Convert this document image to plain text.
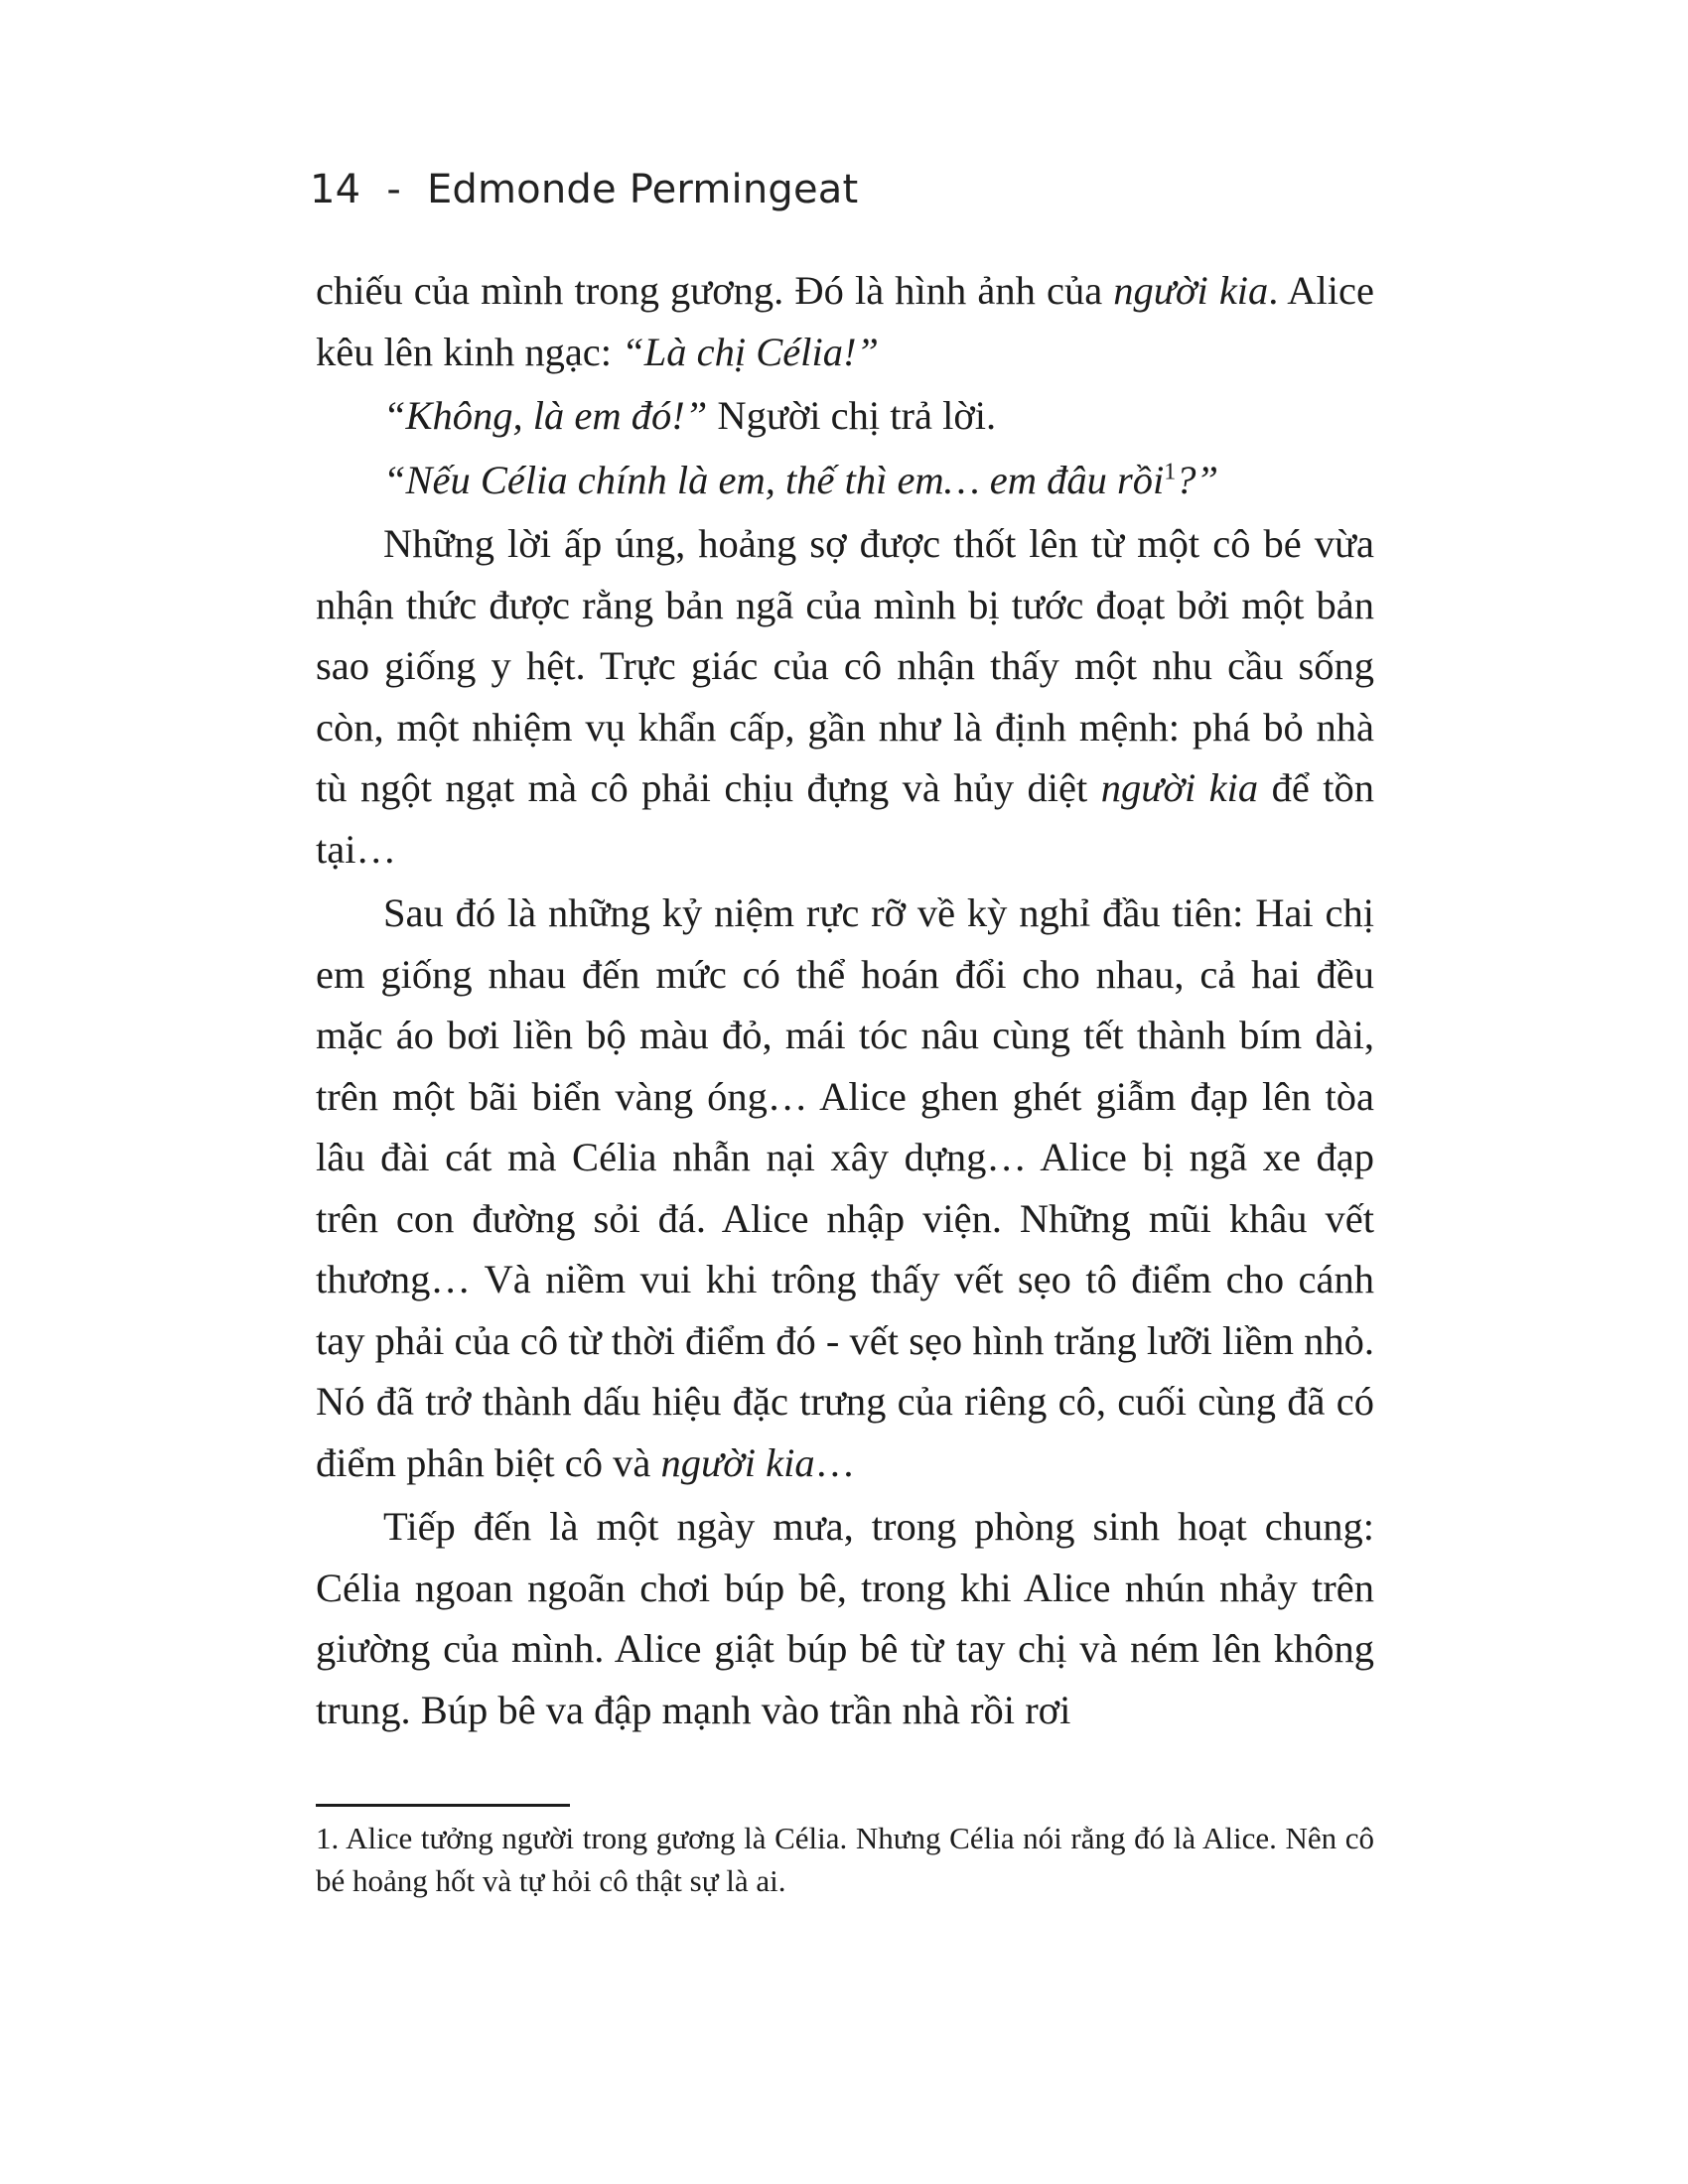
14 - Edmonde Permingeat

chiếu của mình trong gương. Đó là hình ảnh của người kia. Alice kêu lên kinh ngạc: “Là chị Célia!”

“Không, là em đó!” Người chị trả lời.

“Nếu Célia chính là em, thế thì em… em đâu rồi$^1$?”

Những lời ấp úng, hoảng sợ được thốt lên từ một cô bé vừa nhận thức được rằng bản ngã của mình bị tước đoạt bởi một bản sao giống y hệt. Trực giác của cô nhận thấy một nhu cầu sống còn, một nhiệm vụ khẩn cấp, gần như là định mệnh: phá bỏ nhà tù ngột ngạt mà cô phải chịu đựng và hủy diệt người kia để tồn tại…

Sau đó là những kỷ niệm rực rỡ về kỳ nghỉ đầu tiên: Hai chị em giống nhau đến mức có thể hoán đổi cho nhau, cả hai đều mặc áo bơi liền bộ màu đỏ, mái tóc nâu cùng tết thành bím dài, trên một bãi biển vàng óng… Alice ghen ghét giẫm đạp lên tòa lâu đài cát mà Célia nhẫn nại xây dựng… Alice bị ngã xe đạp trên con đường sỏi đá. Alice nhập viện. Những mũi khâu vết thương… Và niềm vui khi trông thấy vết sẹo tô điểm cho cánh tay phải của cô từ thời điểm đó - vết sẹo hình trăng lưỡi liềm nhỏ. Nó đã trở thành dấu hiệu đặc trưng của riêng cô, cuối cùng đã có điểm phân biệt cô và người kia…

Tiếp đến là một ngày mưa, trong phòng sinh hoạt chung: Célia ngoan ngoãn chơi búp bê, trong khi Alice nhún nhảy trên giường của mình. Alice giật búp bê từ tay chị và ném lên không trung. Búp bê va đập mạnh vào trần nhà rồi rơi

1. Alice tưởng người trong gương là Célia. Nhưng Célia nói rằng đó là Alice. Nên cô bé hoảng hốt và tự hỏi cô thật sự là ai.
